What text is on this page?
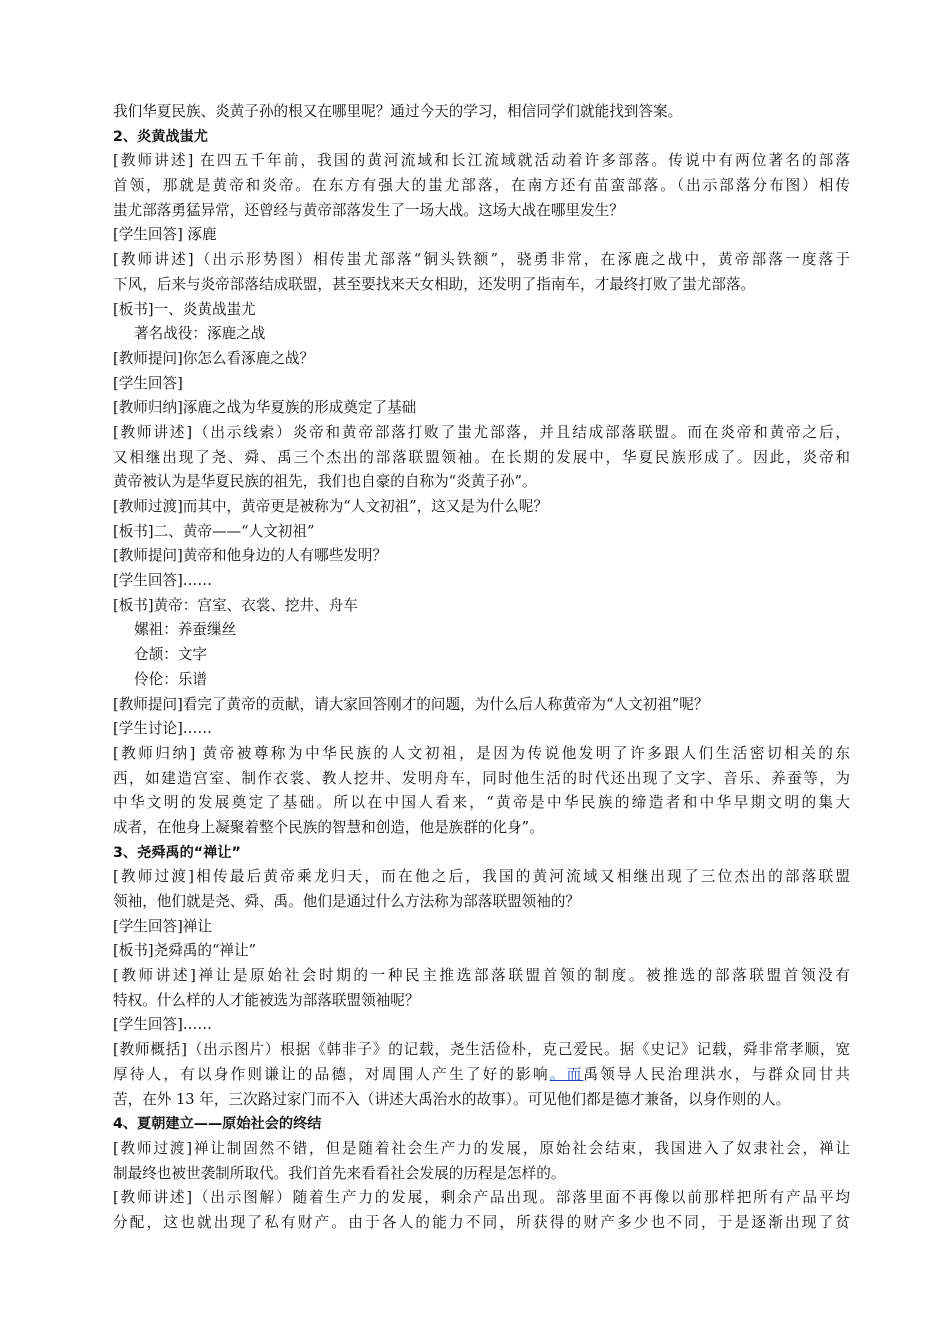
我们华夏民族、炎黄子孙的根又在哪里呢？通过今天的学习，相信同学们就能找到答案。
2、炎黄战蚩尤
[教师讲述] 在四五千年前，我国的黄河流域和长江流域就活动着许多部落。传说中有两位著名的部落
首领，那就是黄帝和炎帝。在东方有强大的蚩尤部落，在南方还有苗蛮部落。（出示部落分布图）相传
蚩尤部落勇猛异常，还曾经与黄帝部落发生了一场大战。这场大战在哪里发生？
[学生回答] 涿鹿
[教师讲述]（出示形势图）相传蚩尤部落“铜头铁额”，骁勇非常，在涿鹿之战中，黄帝部落一度落于
下风，后来与炎帝部落结成联盟，甚至要找来天女相助，还发明了指南车，才最终打败了蚩尤部落。
[板书]一、炎黄战蚩尤
著名战役：涿鹿之战
[教师提问]你怎么看涿鹿之战？
[学生回答]
[教师归纳]涿鹿之战为华夏族的形成奠定了基础
[教师讲述]（出示线索）炎帝和黄帝部落打败了蚩尤部落，并且结成部落联盟。而在炎帝和黄帝之后，
又相继出现了尧、舜、禹三个杰出的部落联盟领袖。在长期的发展中，华夏民族形成了。因此，炎帝和
黄帝被认为是华夏民族的祖先，我们也自豪的自称为“炎黄子孙”。
[教师过渡]而其中，黄帝更是被称为“人文初祖”，这又是为什么呢？
[板书]二、黄帝——“人文初祖”
[教师提问]黄帝和他身边的人有哪些发明？
[学生回答]……
[板书]黄帝：宫室、衣裳、挖井、舟车
嫘祖：养蚕缫丝
仓颉：文字
伶伦：乐谱
[教师提问]看完了黄帝的贡献，请大家回答刚才的问题，为什么后人称黄帝为“人文初祖”呢？
[学生讨论]……
[教师归纳] 黄帝被尊称为中华民族的人文初祖，是因为传说他发明了许多跟人们生活密切相关的东
西，如建造宫室、制作衣裳、教人挖井、发明舟车，同时他生活的时代还出现了文字、音乐、养蚕等，为
中华文明的发展奠定了基础。所以在中国人看来，“黄帝是中华民族的缔造者和中华早期文明的集大
成者，在他身上凝聚着整个民族的智慧和创造，他是族群的化身”。
3、尧舜禹的“禅让”
[教师过渡]相传最后黄帝乘龙归天，而在他之后，我国的黄河流域又相继出现了三位杰出的部落联盟
领袖，他们就是尧、舜、禹。他们是通过什么方法称为部落联盟领袖的？
[学生回答]禅让
[板书]尧舜禹的“禅让”
[教师讲述]禅让是原始社会时期的一种民主推选部落联盟首领的制度。被推选的部落联盟首领没有
特权。什么样的人才能被选为部落联盟领袖呢？
[学生回答]……
[教师概括]（出示图片）根据《韩非子》的记载，尧生活俭朴，克己爱民。据《史记》记载，舜非常孝顺，宽
厚待人，有以身作则谦让的品德，对周围人产生了好的影响。而禹领导人民治理洪水，与群众同甘共
苦，在外 13 年，三次路过家门而不入（讲述大禹治水的故事）。可见他们都是德才兼备，以身作则的人。
4、夏朝建立——原始社会的终结
[教师过渡]禅让制固然不错，但是随着社会生产力的发展，原始社会结束，我国进入了奴隶社会，禅让
制最终也被世袭制所取代。我们首先来看看社会发展的历程是怎样的。
[教师讲述]（出示图解）随着生产力的发展，剩余产品出现。部落里面不再像以前那样把所有产品平均
分配，这也就出现了私有财产。由于各人的能力不同，所获得的财产多少也不同，于是逐渐出现了贫
